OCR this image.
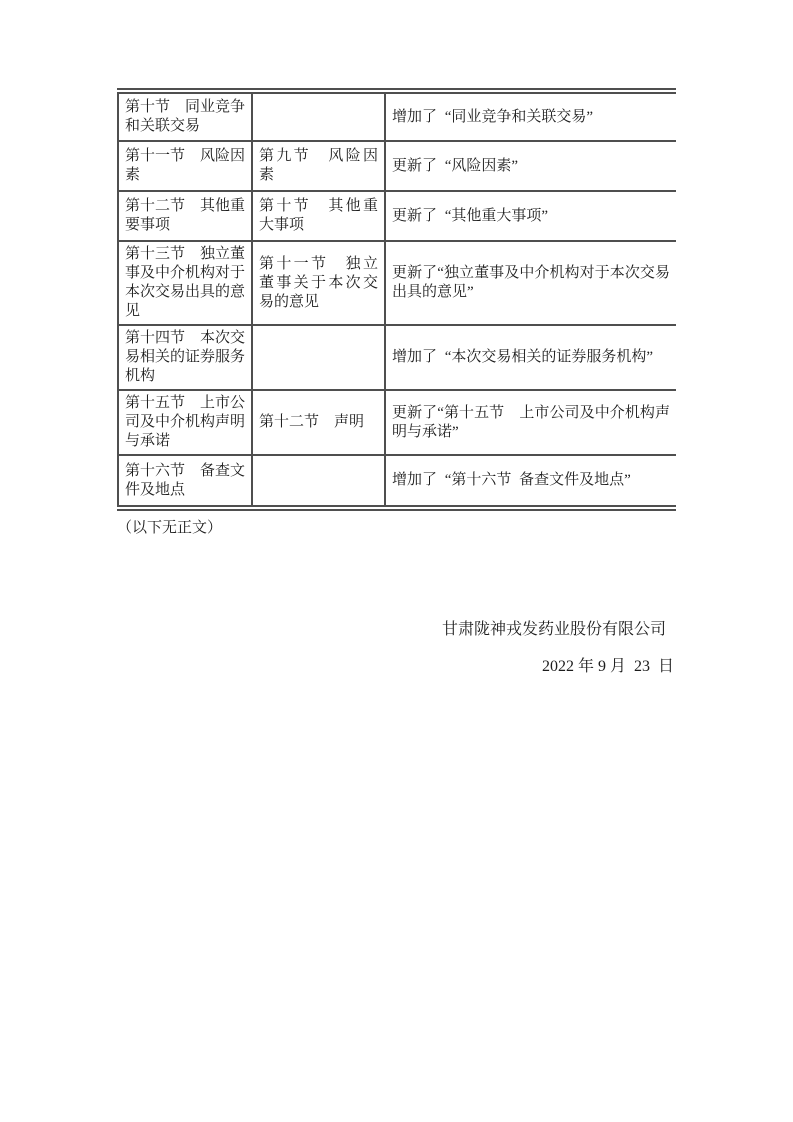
第十节　同业竞争和关联交易		增加了 “同业竞争和关联交易”
第十一节　风险因素	第九节　风险因素	更新了 “风险因素”
第十二节　其他重要事项	第十节　其他重大事项	更新了 “其他重大事项”
第十三节　独立董事及中介机构对于本次交易出具的意见	第十一节　独立董事关于本次交易的意见	更新了“独立董事及中介机构对于本次交易出具的意见”
第十四节　本次交易相关的证券服务机构		增加了 “本次交易相关的证券服务机构”
第十五节　上市公司及中介机构声明与承诺	第十二节　声明	更新了“第十五节　上市公司及中介机构声明与承诺”
第十六节　备查文件及地点		增加了 “第十六节 备查文件及地点”
（以下无正文）
甘肃陇神戎发药业股份有限公司
2022 年 9 月  23  日
